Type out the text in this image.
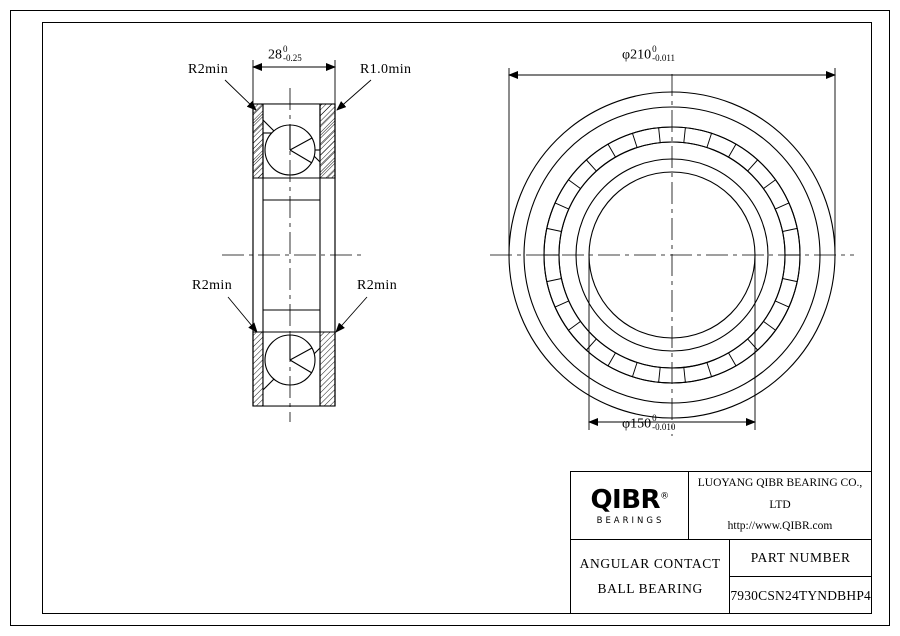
R2min	R1.0min
R2min	R2min
28 0
-0.25	φ210 0
-0.011
φ150 0
-0.010
QIBR®
BEARINGS
LUOYANG QIBR BEARING CO., LTD
http://www.QIBR.com
ANGULAR CONTACT
BALL BEARING
PART NUMBER
7930CSN24TYNDBHP4
